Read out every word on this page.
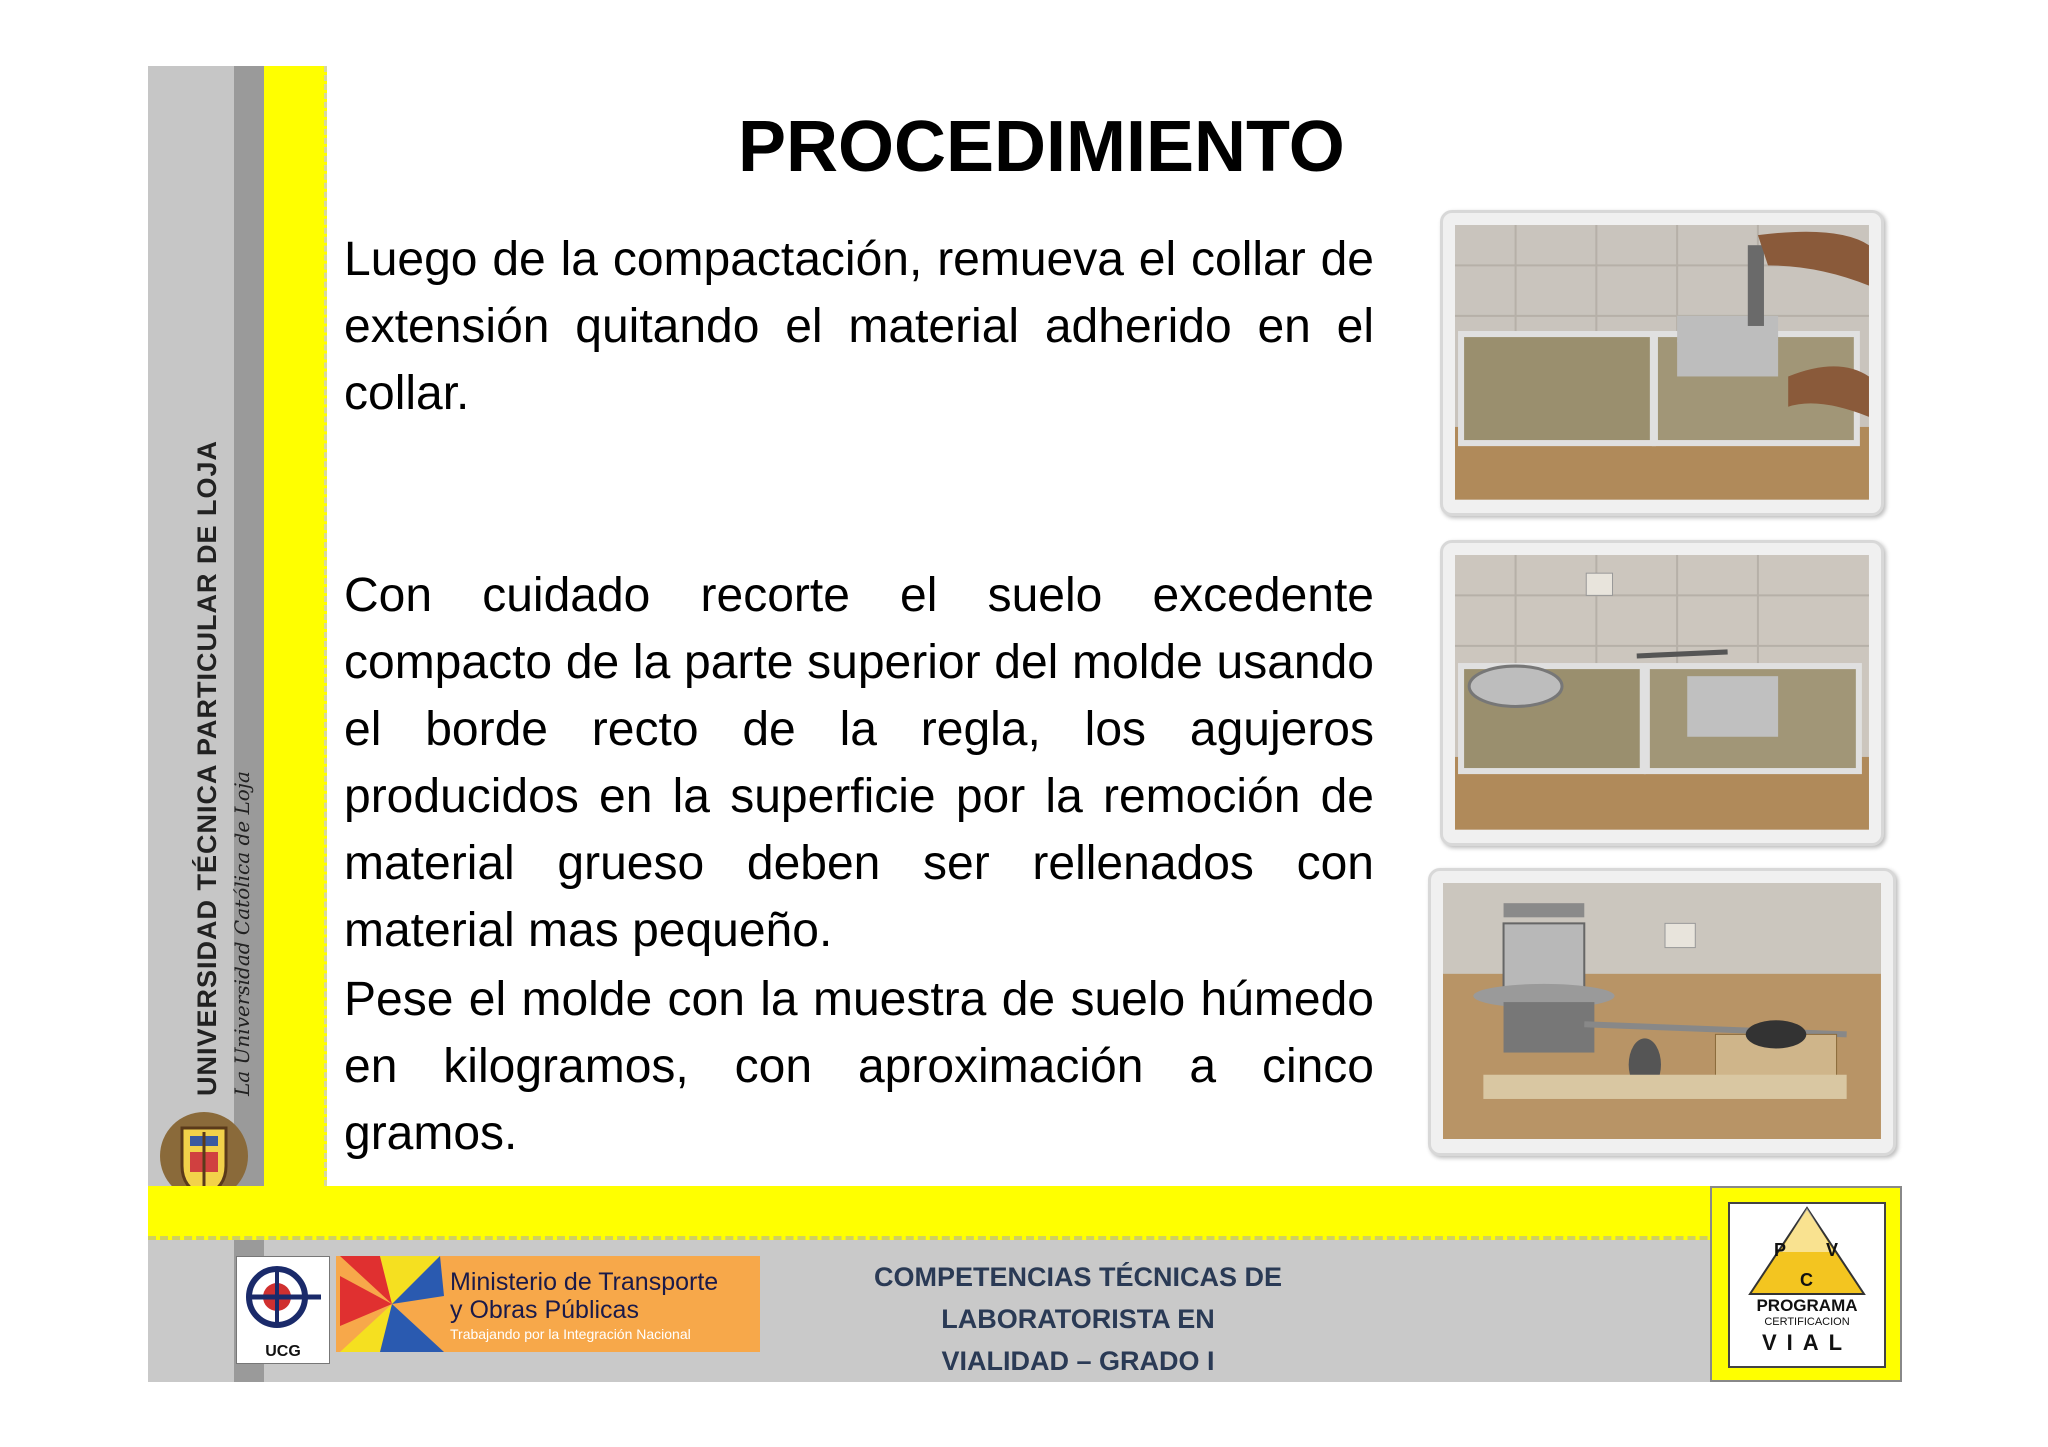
UNIVERSIDAD TÉCNICA PARTICULAR DE LOJA La Universidad Católica de Loja
PROCEDIMIENTO
Luego de la compactación, remueva el collar de extensión quitando el material adherido en el collar.
Con cuidado recorte el suelo excedente compacto de la parte superior del molde usando el borde recto de la regla, los agujeros producidos en la superficie por la remoción de material grueso deben ser rellenados con material mas pequeño.
Pese el molde con la muestra de suelo húmedo en kilogramos, con aproximación a cinco gramos.
UCG
Ministerio de Transporte
y Obras Públicas
Trabajando por la Integración Nacional
COMPETENCIAS TÉCNICAS DE LABORATORISTA EN
VIALIDAD – GRADO I
P V
C
PROGRAMA
CERTIFICACION
VIAL
